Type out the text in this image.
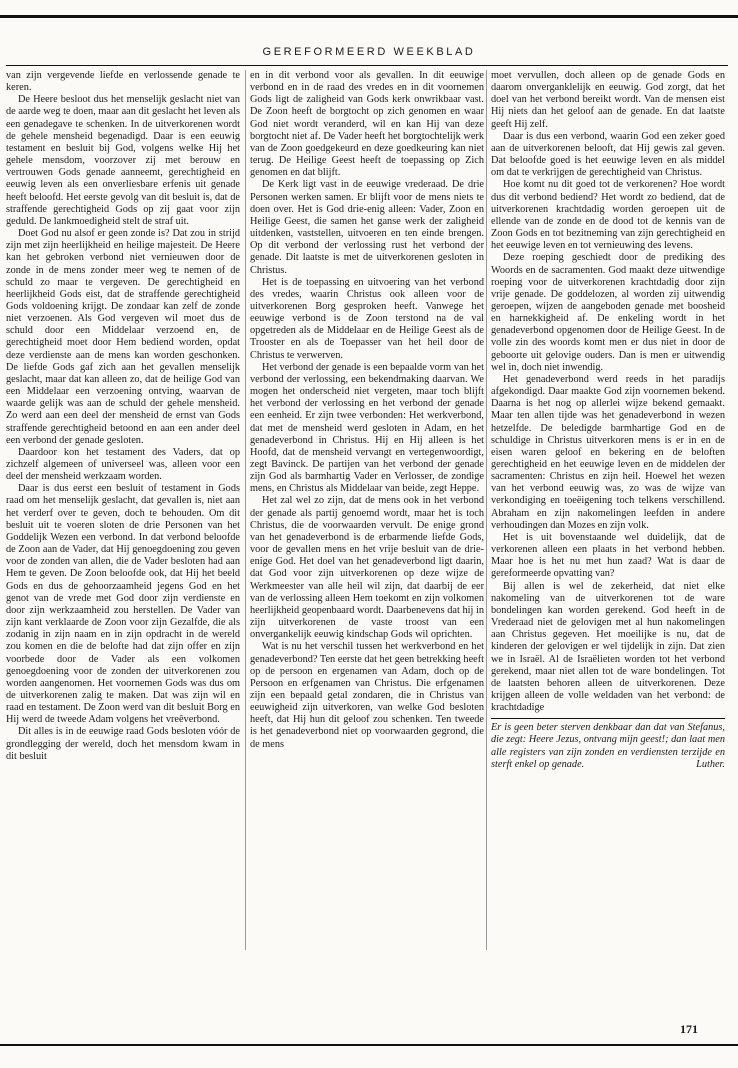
GEREFORMEERD WEEKBLAD

van zijn vergevende liefde en verlossende genade te keren.

De Heere besloot dus het menselijk geslacht niet van de aarde weg te doen, maar aan dit geslacht het leven als een genadegave te schenken. In de uitverkorenen wordt de gehele mensheid begenadigd. Daar is een eeuwig testament en besluit bij God, volgens welke Hij het gehele mensdom, voorzover zij met berouw en vertrouwen Gods genade aanneemt, gerechtigheid en eeuwig leven als een onverliesbare erfenis uit genade heeft beloofd. Het eerste gevolg van dit besluit is, dat de straffende gerechtigheid Gods op zij gaat voor zijn geduld. De lankmoedigheid stelt de straf uit.

Doet God nu alsof er geen zonde is? Dat zou in strijd zijn met zijn heerlijkheid en heilige majesteit. De Heere kan het gebroken verbond niet vernieuwen door de zonde in de mens zonder meer weg te nemen of de schuld zo maar te vergeven. De gerechtigheid en heerlijkheid Gods eist, dat de straffende gerechtigheid Gods voldoening krijgt. De zondaar kan zelf de zonde niet verzoenen. Als God vergeven wil moet dus de schuld door een Middelaar verzoend en, de gerechtigheid moet door Hem bediend worden, opdat deze verdienste aan de mens kan worden geschonken. De liefde Gods gaf zich aan het gevallen menselijk geslacht, maar dat kan alleen zo, dat de heilige God van een Middelaar een verzoening ontving, waarvan de waarde gelijk was aan de schuld der gehele mensheid. Zo werd aan een deel der mensheid de ernst van Gods straffende gerechtigheid betoond en aan een ander deel een verbond der genade gesloten.

Daardoor kon het testament des Vaders, dat op zichzelf algemeen of universeel was, alleen voor een deel der mensheid werkzaam worden.

Daar is dus eerst een besluit of testament in Gods raad om het menselijk geslacht, dat gevallen is, niet aan het verderf over te geven, doch te behouden. Om dit besluit uit te voeren sloten de drie Personen van het Goddelijk Wezen een verbond. In dat verbond beloofde de Zoon aan de Vader, dat Hij genoegdoening zou geven voor de zonden van allen, die de Vader besloten had aan Hem te geven. De Zoon beloofde ook, dat Hij het beeld Gods en dus de gehoorzaamheid jegens God en het genot van de vrede met God door zijn verdienste en door zijn werkzaamheid zou herstellen. De Vader van zijn kant verklaarde de Zoon voor zijn Gezalfde, die als zodanig in zijn naam en in zijn opdracht in de wereld zou komen en die de belofte had dat zijn offer en zijn voorbede door de Vader als een volkomen genoegdoening voor de zonden der uitverkorenen zou worden aangenomen. Het voornemen Gods was dus om de uitverkorenen zalig te maken. Dat was zijn wil en raad en testament. De Zoon werd van dit besluit Borg en Hij werd de tweede Adam volgens het vreêverbond.

Dit alles is in de eeuwige raad Gods besloten vóór de grondlegging der wereld, doch het mensdom kwam in dit besluit

en in dit verbond voor als gevallen. In dit eeuwige verbond en in de raad des vredes en in dit voornemen Gods ligt de zaligheid van Gods kerk onwrikbaar vast. De Zoon heeft de borgtocht op zich genomen en waar God niet wordt veranderd, wil en kan Hij van deze borgtocht niet af. De Vader heeft het borgtochtelijk werk van de Zoon goedgekeurd en deze goedkeuring kan niet terug. De Heilige Geest heeft de toepassing op Zich genomen en dat blijft.

De Kerk ligt vast in de eeuwige vrederaad. De drie Personen werken samen. Er blijft voor de mens niets te doen over. Het is God drie-enig alleen: Vader, Zoon en Heilige Geest, die samen het ganse werk der zaligheid uitdenken, vaststellen, uitvoeren en ten einde brengen. Op dit verbond der verlossing rust het verbond der genade. Dit laatste is met de uitverkorenen gesloten in Christus.

Het is de toepassing en uitvoering van het verbond des vredes, waarin Christus ook alleen voor de uitverkorenen Borg gesproken heeft. Vanwege het eeuwige verbond is de Zoon terstond na de val opgetreden als de Middelaar en de Heilige Geest als de Trooster en als de Toepasser van het heil door de Christus te verwerven.

Het verbond der genade is een bepaalde vorm van het verbond der verlossing, een bekendmaking daarvan. We mogen het onderscheid niet vergeten, maar toch blijft het verbond der verlossing en het verbond der genade een eenheid. Er zijn twee verbonden: Het werkverbond, dat met de mensheid werd gesloten in Adam, en het genadeverbond in Christus. Hij en Hij alleen is het Hoofd, dat de mensheid vervangt en vertegenwoordigt, zegt Bavinck. De partijen van het verbond der genade zijn God als barmhartig Vader en Verlosser, de zondige mens, en Christus als Middelaar van beide, zegt Heppe.

Het zal wel zo zijn, dat de mens ook in het verbond der genade als partij genoemd wordt, maar het is toch Christus, die de voorwaarden vervult. De enige grond van het genadeverbond is de erbarmende liefde Gods, voor de gevallen mens en het vrije besluit van de drie-enige God. Het doel van het genadeverbond ligt daarin, dat God voor zijn uitverkorenen op deze wijze de Werkmeester van alle heil wil zijn, dat daarbij de eer van de verlossing alleen Hem toekomt en zijn volkomen heerlijkheid geopenbaard wordt. Daarbenevens dat hij in zijn uitverkorenen de vaste troost van een onvergankelijk eeuwig kindschap Gods wil oprichten.

Wat is nu het verschil tussen het werkverbond en het genadeverbond? Ten eerste dat het geen betrekking heeft op de persoon en ergenamen van Adam, doch op de Persoon en erfgenamen van Christus. Die erfgenamen zijn een bepaald getal zondaren, die in Christus van eeuwigheid zijn uitverkoren, van welke God besloten heeft, dat Hij hun dit geloof zou schenken. Ten tweede is het genadeverbond niet op voorwaarden gegrond, die de mens

moet vervullen, doch alleen op de genade Gods en daarom onverganklelijk en eeuwig. God zorgt, dat het doel van het verbond bereikt wordt. Van de mensen eist Hij niets dan het geloof aan de genade. En dat laatste geeft Hij zelf.

Daar is dus een verbond, waarin God een zeker goed aan de uitverkorenen belooft, dat Hij gewis zal geven. Dat beloofde goed is het eeuwige leven en als middel om dat te verkrijgen de gerechtigheid van Christus.

Hoe komt nu dit goed tot de verkorenen? Hoe wordt dus dit verbond bediend? Het wordt zo bediend, dat de uitverkorenen krachtdadig worden geroepen uit de ellende van de zonde en de dood tot de kennis van de Zoon Gods en tot bezitneming van zijn gerechtigheid en het eeuwige leven en tot vernieuwing des levens.

Deze roeping geschiedt door de prediking des Woords en de sacramenten. God maakt deze uitwendige roeping voor de uitverkorenen krachtdadig door zijn vrije genade. De goddelozen, al worden zij uitwendig geroepen, wijzen de aangeboden genade met boosheid en harnekkigheid af. De enkeling wordt in het genadeverbond opgenomen door de Heilige Geest. In de volle zin des woords komt men er dus niet in door de geboorte uit gelovige ouders. Dan is men er uitwendig wel in, doch niet inwendig.

Het genadeverbond werd reeds in het paradijs afgekondigd. Daar maakte God zijn voornemen bekend. Daarna is het nog op allerlei wijze bekend gemaakt. Maar ten allen tijde was het genadeverbond in wezen hetzelfde. De beledigde barmhartige God en de schuldige in Christus uitverkoren mens is er in en de eisen waren geloof en bekering en de beloften gerechtigheid en het eeuwige leven en de middelen der sacramenten: Christus en zijn heil. Hoewel het wezen van het verbond eeuwig was, zo was de wijze van verkondiging en toeëigening toch telkens verschillend. Abraham en zijn nakomelingen leefden in andere verhoudingen dan Mozes en zijn volk.

Het is uit bovenstaande wel duidelijk, dat de verkorenen alleen een plaats in het verbond hebben. Maar hoe is het nu met hun zaad? Wat is daar de gereformeerde opvatting van?

Bij allen is wel de zekerheid, dat niet elke nakomeling van de uitverkorenen tot de ware bondelingen kan worden gerekend. God heeft in de Vrederaad niet de gelovigen met al hun nakomelingen aan Christus gegeven. Het moeilijke is nu, dat de kinderen der gelovigen er wel tijdelijk in zijn. Dat zien we in Israël. Al de Israëlieten worden tot het verbond gerekend, maar niet allen tot de ware bondelingen. Tot de laatsten behoren alleen de uitverkorenen. Deze krijgen alleen de volle weldaden van het verbond: de krachtdadige

Er is geen beter sterven denkbaar dan dat van Stefanus, die zegt: Heere Jezus, ontvang mijn geest!; dan laat men alle registers van zijn zonden en verdiensten terzijde en sterft enkel op genade.	Luther.

171
